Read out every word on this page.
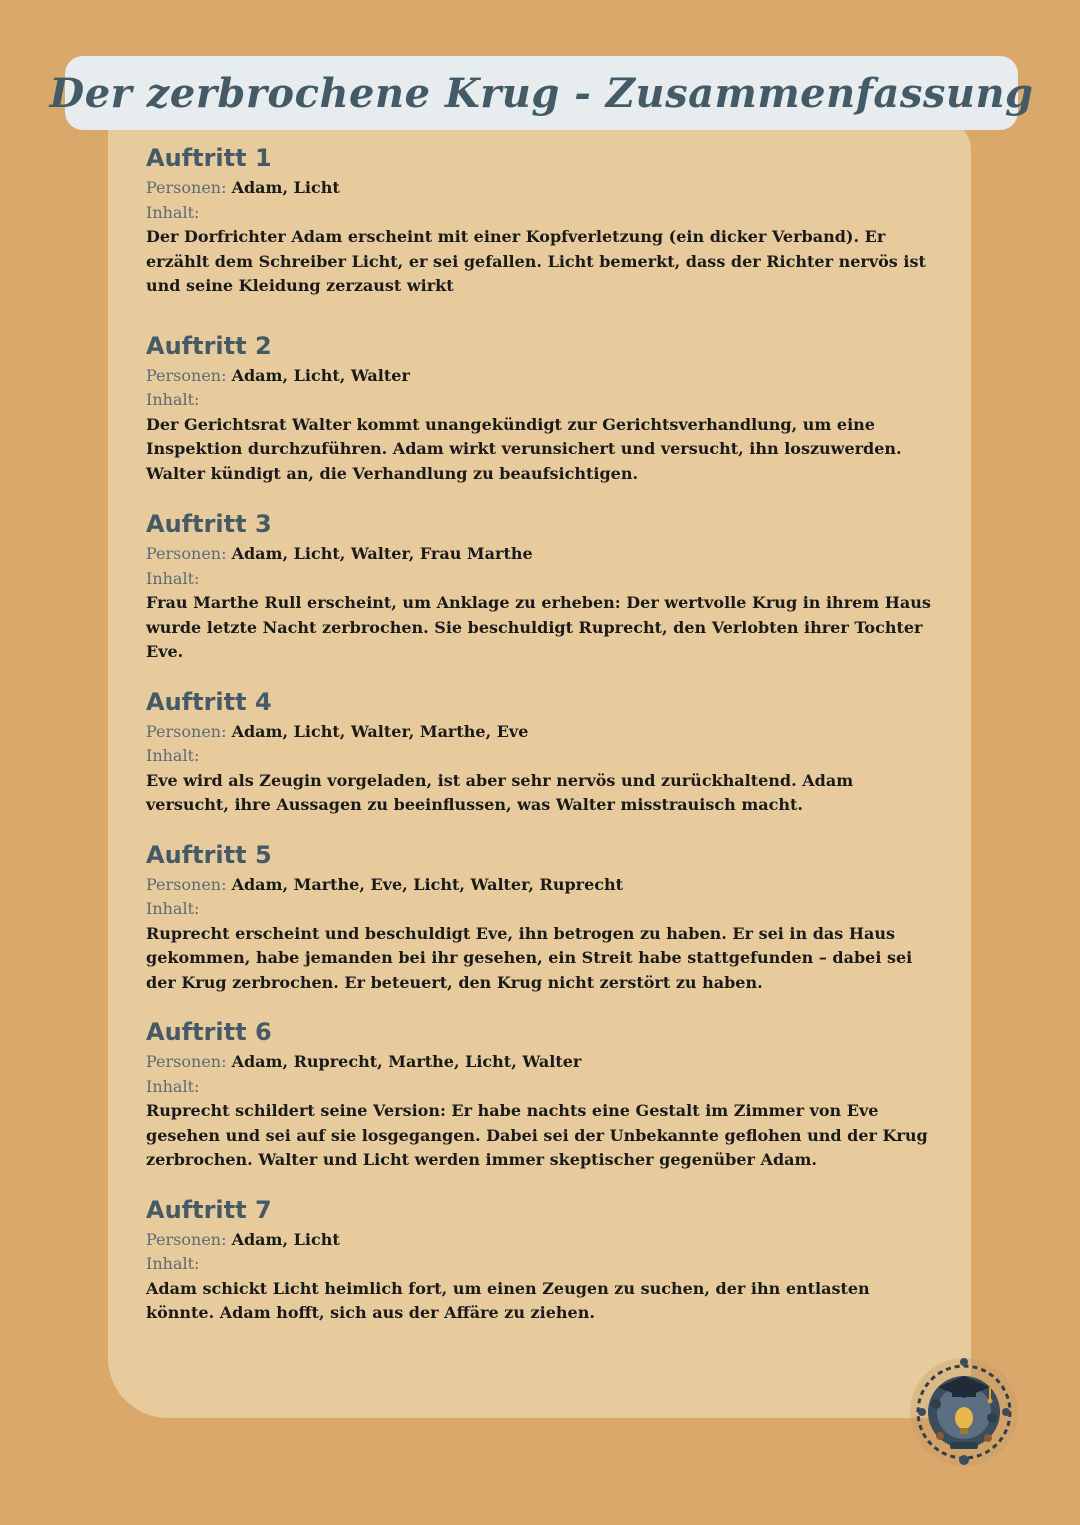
Der zerbrochene Krug - Zusammenfassung
Auftritt 1
Personen: Adam, Licht
Inhalt:

Der Dorfrichter Adam erscheint mit einer Kopfverletzung (ein dicker Verband). Er erzählt dem Schreiber Licht, er sei gefallen. Licht bemerkt, dass der Richter nervös ist und seine Kleidung zerzaust wirkt

Auftritt 2
Personen: Adam, Licht, Walter
Inhalt:

Der Gerichtsrat Walter kommt unangekündigt zur Gerichtsverhandlung, um eine Inspektion durchzuführen. Adam wirkt verunsichert und versucht, ihn loszuwerden. Walter kündigt an, die Verhandlung zu beaufsichtigen.

Auftritt 3
Personen: Adam, Licht, Walter, Frau Marthe
Inhalt:

Frau Marthe Rull erscheint, um Anklage zu erheben: Der wertvolle Krug in ihrem Haus wurde letzte Nacht zerbrochen. Sie beschuldigt Ruprecht, den Verlobten ihrer Tochter Eve.

Auftritt 4
Personen: Adam, Licht, Walter, Marthe, Eve
Inhalt:

Eve wird als Zeugin vorgeladen, ist aber sehr nervös und zurückhaltend. Adam versucht, ihre Aussagen zu beeinflussen, was Walter misstrauisch macht.

Auftritt 5
Personen: Adam, Marthe, Eve, Licht, Walter, Ruprecht
Inhalt:

Ruprecht erscheint und beschuldigt Eve, ihn betrogen zu haben. Er sei in das Haus gekommen, habe jemanden bei ihr gesehen, ein Streit habe stattgefunden – dabei sei der Krug zerbrochen. Er beteuert, den Krug nicht zerstört zu haben.

Auftritt 6
Personen: Adam, Ruprecht, Marthe, Licht, Walter
Inhalt:

Ruprecht schildert seine Version: Er habe nachts eine Gestalt im Zimmer von Eve gesehen und sei auf sie losgegangen. Dabei sei der Unbekannte geflohen und der Krug zerbrochen. Walter und Licht werden immer skeptischer gegenüber Adam.

Auftritt 7
Personen: Adam, Licht
Inhalt:

Adam schickt Licht heimlich fort, um einen Zeugen zu suchen, der ihn entlasten könnte. Adam hofft, sich aus der Affäre zu ziehen.
